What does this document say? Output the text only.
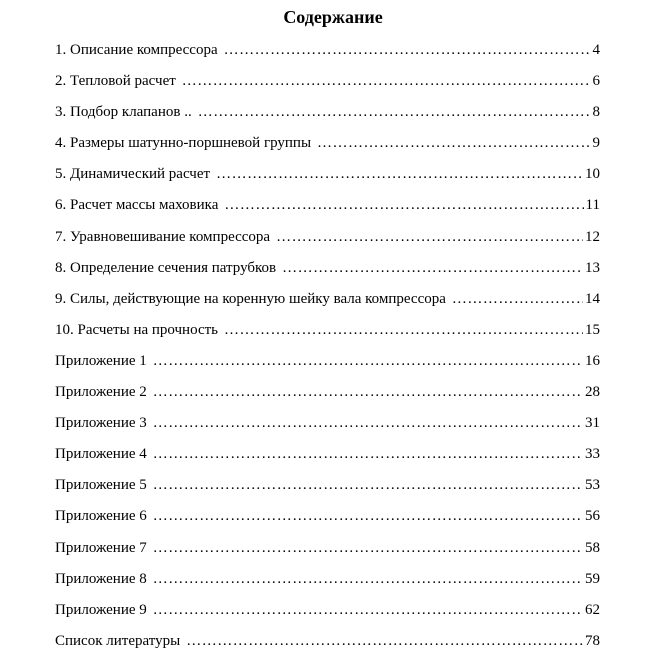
Содержание
1. Описание компрессора ……………………………………………………………………………………………………………………………………………………………………	4
2. Тепловой расчет ……………………………………………………………………………………………………………………………………………………………………	6
3. Подбор клапанов .. ……………………………………………………………………………………………………………………………………………………………………	8
4. Размеры шатунно-поршневой группы ……………………………………………………………………………………………………………………………………………………………………	9
5. Динамический расчет ……………………………………………………………………………………………………………………………………………………………………	10
6. Расчет массы маховика ……………………………………………………………………………………………………………………………………………………………………	11
7. Уравновешивание компрессора ……………………………………………………………………………………………………………………………………………………………………	12
8. Определение сечения патрубков ……………………………………………………………………………………………………………………………………………………………………	13
9. Силы, действующие на коренную шейку вала компрессора ……………………………………………………………………………………………………………………………………………………………………	14
10. Расчеты на прочность ……………………………………………………………………………………………………………………………………………………………………	15
Приложение 1 ……………………………………………………………………………………………………………………………………………………………………	16
Приложение 2 ……………………………………………………………………………………………………………………………………………………………………	28
Приложение 3 ……………………………………………………………………………………………………………………………………………………………………	31
Приложение 4 ……………………………………………………………………………………………………………………………………………………………………	33
Приложение 5 ……………………………………………………………………………………………………………………………………………………………………	53
Приложение 6 ……………………………………………………………………………………………………………………………………………………………………	56
Приложение 7 ……………………………………………………………………………………………………………………………………………………………………	58
Приложение 8 ……………………………………………………………………………………………………………………………………………………………………	59
Приложение 9 ……………………………………………………………………………………………………………………………………………………………………	62
Список литературы ……………………………………………………………………………………………………………………………………………………………………	78
